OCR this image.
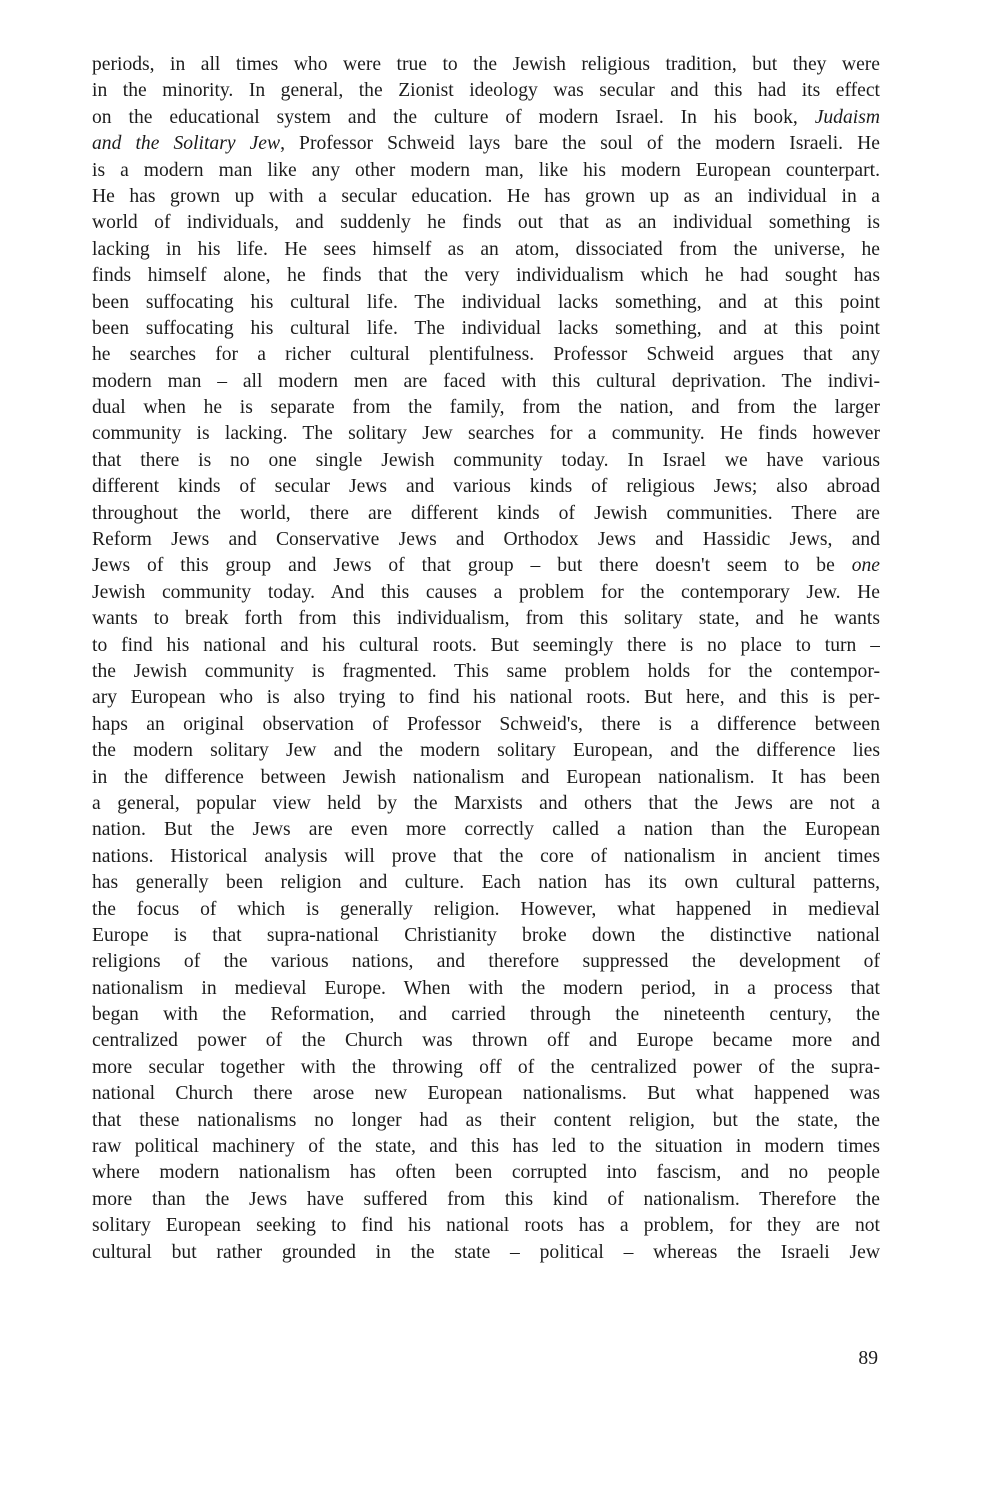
periods, in all times who were true to the Jewish religious tradition, but they were
in the minority. In general, the Zionist ideology was secular and this had its effect
on the educational system and the culture of modern Israel. In his book, Judaism
and the Solitary Jew, Professor Schweid lays bare the soul of the modern Israeli. He
is a modern man like any other modern man, like his modern European counterpart.
He has grown up with a secular education. He has grown up as an individual in a
world of individuals, and suddenly he finds out that as an individual something is
lacking in his life. He sees himself as an atom, dissociated from the universe, he
finds himself alone, he finds that the very individualism which he had sought has
been suffocating his cultural life. The individual lacks something, and at this point
been suffocating his cultural life. The individual lacks something, and at this point
he searches for a richer cultural plentifulness. Professor Schweid argues that any
modern man – all modern men are faced with this cultural deprivation. The indivi-
dual when he is separate from the family, from the nation, and from the larger
community is lacking. The solitary Jew searches for a community. He finds however
that there is no one single Jewish community today. In Israel we have various
different kinds of secular Jews and various kinds of religious Jews; also abroad
throughout the world, there are different kinds of Jewish communities. There are
Reform Jews and Conservative Jews and Orthodox Jews and Hassidic Jews, and
Jews of this group and Jews of that group – but there doesn't seem to be one
Jewish community today. And this causes a problem for the contemporary Jew. He
wants to break forth from this individualism, from this solitary state, and he wants
to find his national and his cultural roots. But seemingly there is no place to turn –
the Jewish community is fragmented. This same problem holds for the contempor-
ary European who is also trying to find his national roots. But here, and this is per-
haps an original observation of Professor Schweid's, there is a difference between
the modern solitary Jew and the modern solitary European, and the difference lies
in the difference between Jewish nationalism and European nationalism. It has been
a general, popular view held by the Marxists and others that the Jews are not a
nation. But the Jews are even more correctly called a nation than the European
nations. Historical analysis will prove that the core of nationalism in ancient times
has generally been religion and culture. Each nation has its own cultural patterns,
the focus of which is generally religion. However, what happened in medieval
Europe is that supra-national Christianity broke down the distinctive national
religions of the various nations, and therefore suppressed the development of
nationalism in medieval Europe. When with the modern period, in a process that
began with the Reformation, and carried through the nineteenth century, the
centralized power of the Church was thrown off and Europe became more and
more secular together with the throwing off of the centralized power of the supra-
national Church there arose new European nationalisms. But what happened was
that these nationalisms no longer had as their content religion, but the state, the
raw political machinery of the state, and this has led to the situation in modern times
where modern nationalism has often been corrupted into fascism, and no people
more than the Jews have suffered from this kind of nationalism. Therefore the
solitary European seeking to find his national roots has a problem, for they are not
cultural but rather grounded in the state – political – whereas the Israeli Jew
89
